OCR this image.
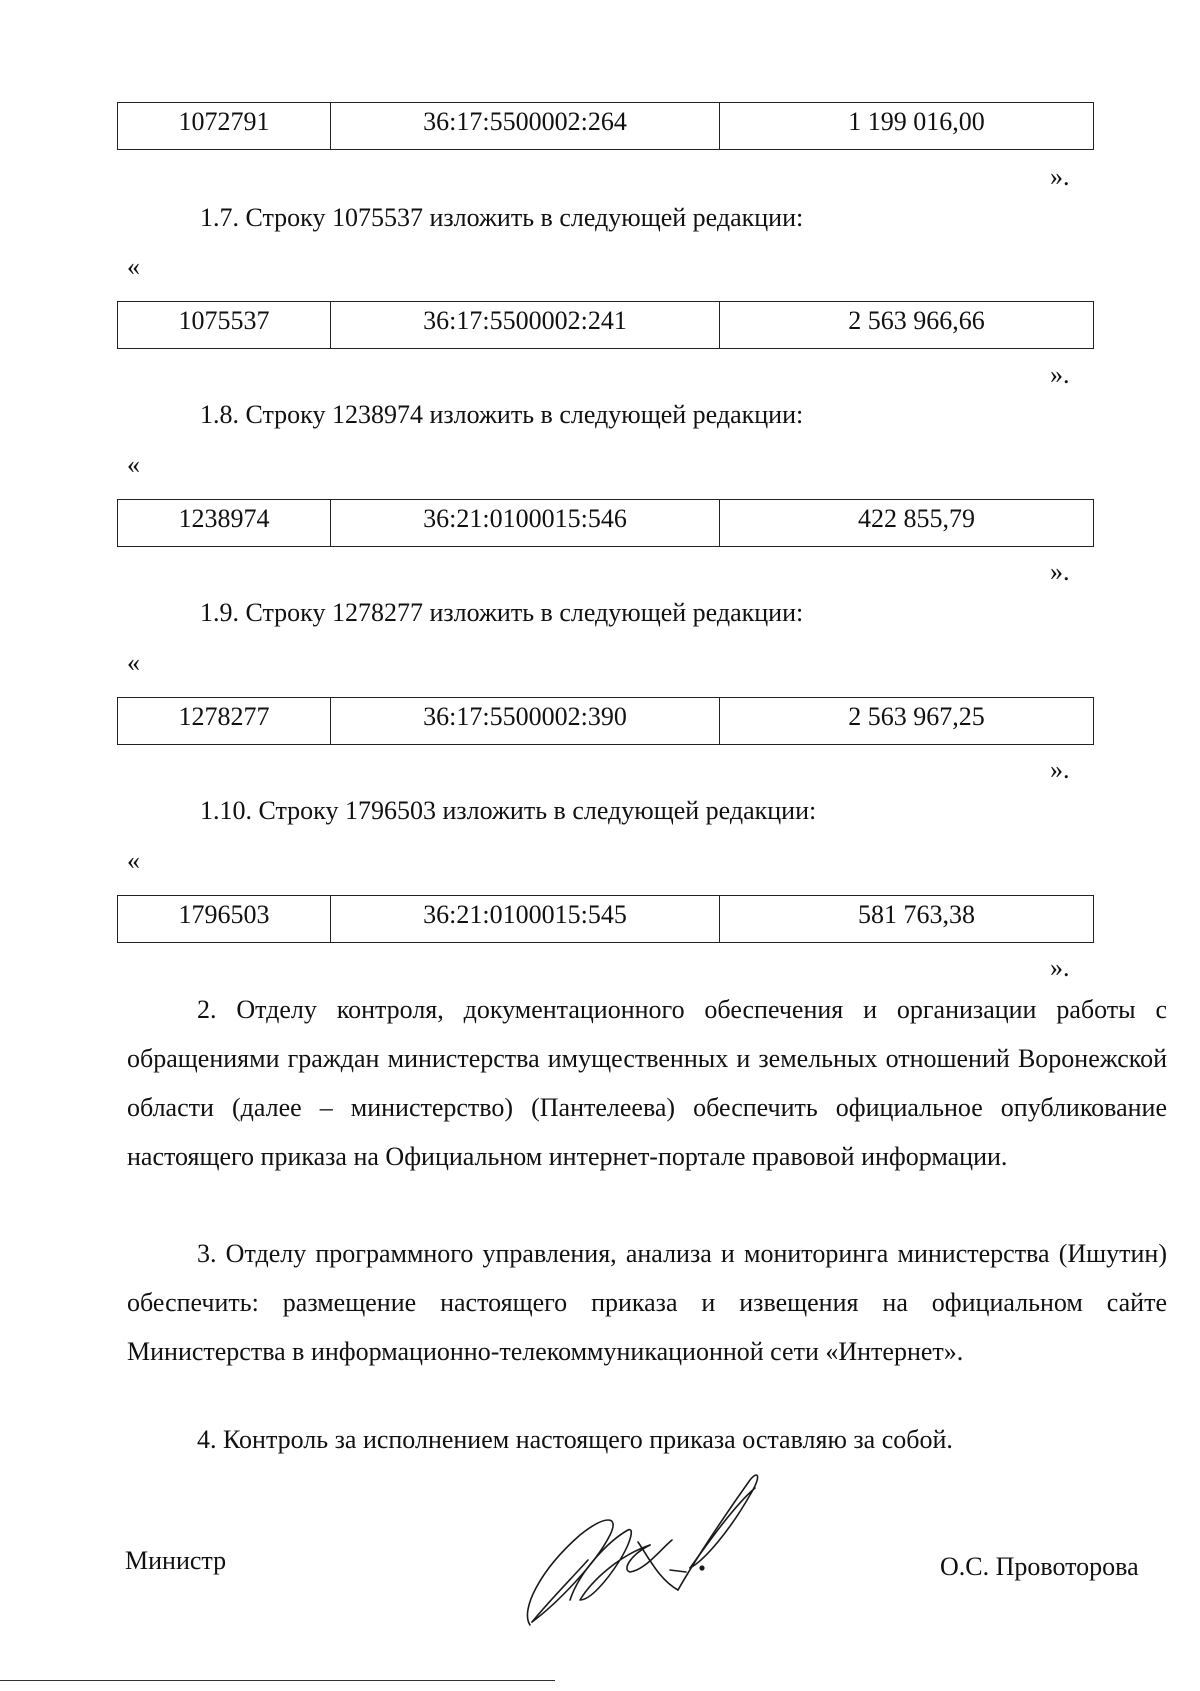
1072791	36:17:5500002:264	1 199 016,00
».
1.7. Строку 1075537 изложить в следующей редакции:
«
1075537	36:17:5500002:241	2 563 966,66
».
1.8. Строку 1238974 изложить в следующей редакции:
«
1238974	36:21:0100015:546	422 855,79
».
1.9. Строку 1278277 изложить в следующей редакции:
«
1278277	36:17:5500002:390	2 563 967,25
».
1.10. Строку 1796503 изложить в следующей редакции:
«
1796503	36:21:0100015:545	581 763,38
».

2. Отделу контроля, документационного обеспечения и организации работы с обращениями граждан министерства имущественных и земельных отношений Воронежской области (далее – министерство) (Пантелеева) обеспечить официальное опубликование настоящего приказа на Официальном интернет-портале правовой информации.

3. Отделу программного управления, анализа и мониторинга министерства (Ишутин) обеспечить: размещение настоящего приказа и извещения на официальном сайте Министерства в информационно-телекоммуникационной сети «Интернет».

4. Контроль за исполнением настоящего приказа оставляю за собой.

Министр	О.С. Провоторова
